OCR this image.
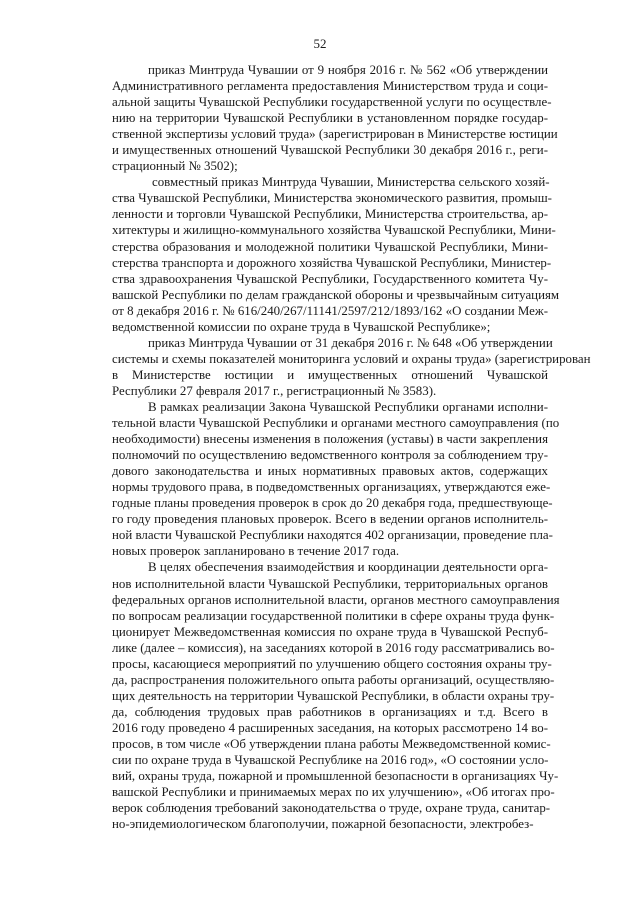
52

приказ Минтруда Чувашии от 9 ноября 2016 г. № 562 «Об утверждении
Административного регламента предоставления Министерством труда и соци-
альной защиты Чувашской Республики государственной услуги по осуществле-
нию на территории Чувашской Республики в установленном порядке государ-
ственной экспертизы условий труда» (зарегистрирован в Министерстве юстиции
и имущественных отношений Чувашской Республики 30 декабря 2016 г., реги-
страционный № 3502);

совместный приказ Минтруда Чувашии, Министерства сельского хозяй-
ства Чувашской Республики, Министерства экономического развития, промыш-
ленности и торговли Чувашской Республики, Министерства строительства, ар-
хитектуры и жилищно-коммунального хозяйства Чувашской Республики, Мини-
стерства образования и молодежной политики Чувашской Республики, Мини-
стерства транспорта и дорожного хозяйства Чувашской Республики, Министер-
ства здравоохранения Чувашской Республики, Государственного комитета Чу-
вашской Республики по делам гражданской обороны и чрезвычайным ситуациям
от 8 декабря 2016 г. № 616/240/267/11141/2597/212/1893/162 «О создании Меж-
ведомственной комиссии по охране труда в Чувашской Республике»;

приказ Минтруда Чувашии от 31 декабря 2016 г. № 648 «Об утверждении
системы и схемы показателей мониторинга условий и охраны труда» (зарегистрирован
в Министерстве юстиции и имущественных отношений Чувашской
Республики 27 февраля 2017 г., регистрационный № 3583).

В рамках реализации Закона Чувашской Республики органами исполни-
тельной власти Чувашской Республики и органами местного самоуправления (по
необходимости) внесены изменения в положения (уставы) в части закрепления
полномочий по осуществлению ведомственного контроля за соблюдением тру-
дового законодательства и иных нормативных правовых актов, содержащих
нормы трудового права, в подведомственных организациях, утверждаются еже-
годные планы проведения проверок в срок до 20 декабря года, предшествующе-
го году проведения плановых проверок. Всего в ведении органов исполнитель-
ной власти Чувашской Республики находятся 402 организации, проведение пла-
новых проверок запланировано в течение 2017 года.

В целях обеспечения взаимодействия и координации деятельности орга-
нов исполнительной власти Чувашской Республики, территориальных органов
федеральных органов исполнительной власти, органов местного самоуправления
по вопросам реализации государственной политики в сфере охраны труда функ-
ционирует Межведомственная комиссия по охране труда в Чувашской Респуб-
лике (далее – комиссия), на заседаниях которой в 2016 году рассматривались во-
просы, касающиеся мероприятий по улучшению общего состояния охраны тру-
да, распространения положительного опыта работы организаций, осуществляю-
щих деятельность на территории Чувашской Республики, в области охраны тру-
да, соблюдения трудовых прав работников в организациях и т.д. Всего в
2016 году проведено 4 расширенных заседания, на которых рассмотрено 14 во-
просов, в том числе «Об утверждении плана работы Межведомственной комис-
сии по охране труда в Чувашской Республике на 2016 год», «О состоянии усло-
вий, охраны труда, пожарной и промышленной безопасности в организациях Чу-
вашской Республики и принимаемых мерах по их улучшению», «Об итогах про-
верок соблюдения требований законодательства о труде, охране труда, санитар-
но-эпидемиологическом благополучии, пожарной безопасности, электробез-
